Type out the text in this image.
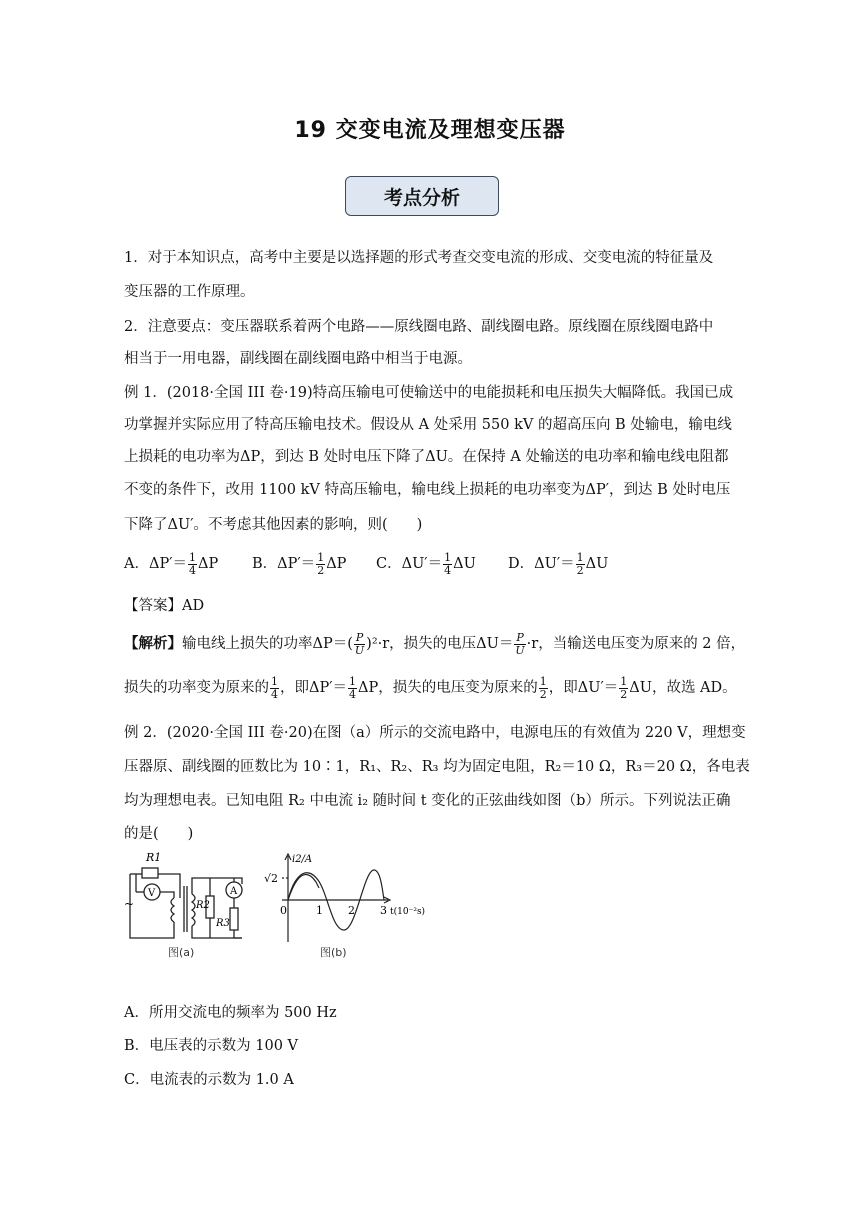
19 交变电流及理想变压器
考点分析
1．对于本知识点，高考中主要是以选择题的形式考查交变电流的形成、交变电流的特征量及
变压器的工作原理。
2．注意要点：变压器联系着两个电路——原线圈电路、副线圈电路。原线圈在原线圈电路中
相当于一用电器，副线圈在副线圈电路中相当于电源。
例 1．(2018·全国 III 卷·19)特高压输电可使输送中的电能损耗和电压损失大幅降低。我国已成
功掌握并实际应用了特高压输电技术。假设从 A 处采用 550 kV 的超高压向 B 处输电，输电线
上损耗的电功率为ΔP，到达 B 处时电压下降了ΔU。在保持 A 处输送的电功率和输电线电阻都
不变的条件下，改用 1100 kV 特高压输电，输电线上损耗的电功率变为ΔP′，到达 B 处时电压
下降了ΔU′。不考虑其他因素的影响，则(　　)
A．$\Delta P'= \frac{1}{4}$ ΔP B．$\Delta P'= \frac{1}{2}$ ΔP C．$\Delta U'= \frac{1}{4}$ ΔU D．$\Delta U'= \frac{1}{2}$ ΔU
【答案】AD
【解析】输电线上损失的功率$\Delta P=( \frac{P}{U} )^2\cdot r$，损失的电压$\Delta U= \frac{P}{U} \cdot r$，当输送电压变为原来的 2 倍，
损失的功率变为原来的 $\frac{1}{4}$ ，即$\Delta P'= \frac{1}{4}$ ΔP，损失的电压变为原来的 $\frac{1}{2}$ ，即$\Delta U'= \frac{1}{2}$ ΔU，故选 AD。
例 2．(2020·全国 III 卷·20)在图（a）所示的交流电路中，电源电压的有效值为 220 V，理想变
压器原、副线圈的匝数比为 10∶1，R₁、R₂、R₃ 均为固定电阻，R₂＝10 Ω，R₃＝20 Ω，各电表
均为理想电表。已知电阻 R₂ 中电流 i₂ 随时间 t 变化的正弦曲线如图（b）所示。下列说法正确
的是(　　)
R1
R2
R3
V	A
~
图(a)
i2/A
√2
0	1 2 3 t(10⁻²s)
图(b)
A．所用交流电的频率为 500 Hz
B．电压表的示数为 100 V
C．电流表的示数为 1.0 A
